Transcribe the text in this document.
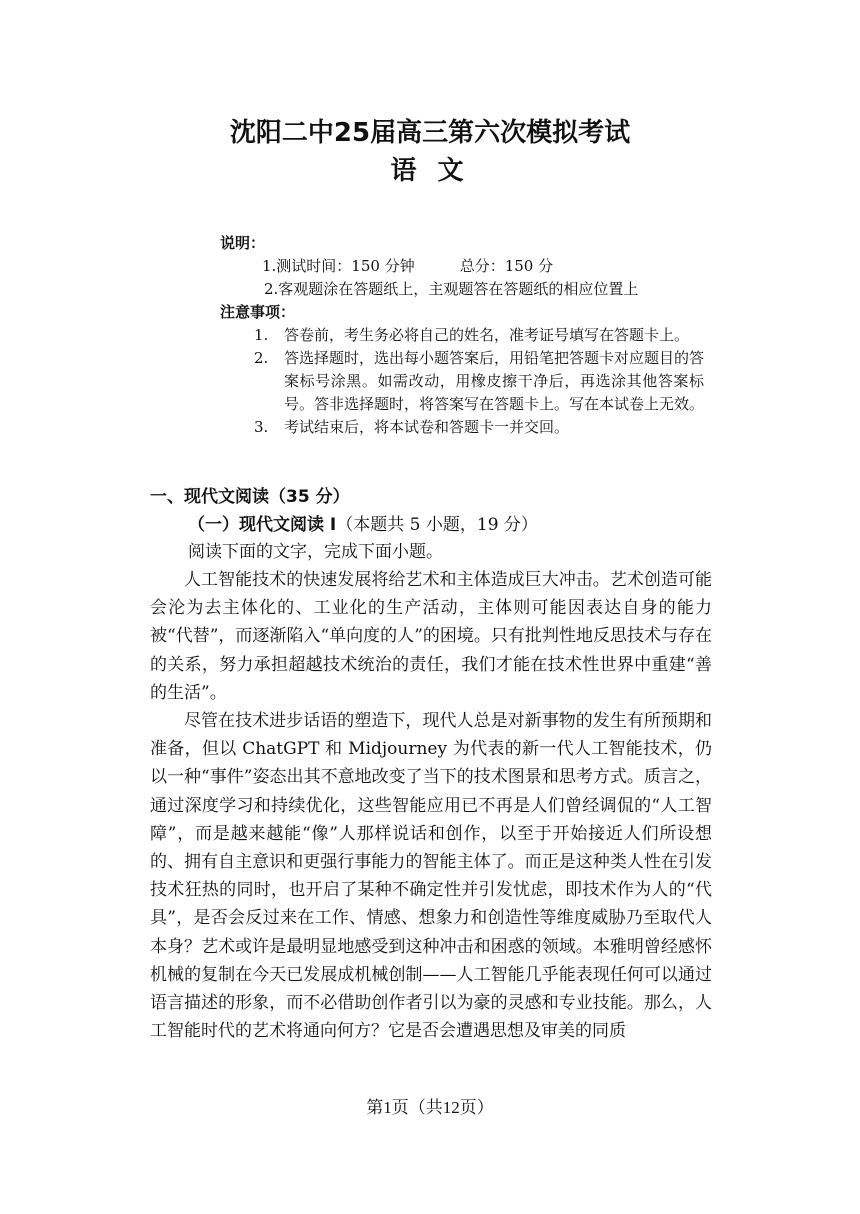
沈阳二中25届高三第六次模拟考试
语 文
说明：
1.测试时间：150 分钟　　　总分：150 分
2.客观题涂在答题纸上，主观题答在答题纸的相应位置上
注意事项：
1.	答卷前，考生务必将自己的姓名，准考证号填写在答题卡上。
2.	答选择题时，选出每小题答案后，用铅笔把答题卡对应题目的答案标号涂黑。如需改动，用橡皮擦干净后，再选涂其他答案标号。答非选择题时，将答案写在答题卡上。写在本试卷上无效。
3.	考试结束后，将本试卷和答题卡一并交回。
一、现代文阅读（35 分）
（一）现代文阅读 I（本题共 5 小题，19 分）
阅读下面的文字，完成下面小题。

人工智能技术的快速发展将给艺术和主体造成巨大冲击。艺术创造可能会沦为去主体化的、工业化的生产活动，主体则可能因表达自身的能力被“代替”，而逐渐陷入“单向度的人”的困境。只有批判性地反思技术与存在的关系，努力承担超越技术统治的责任，我们才能在技术性世界中重建“善的生活”。

尽管在技术进步话语的塑造下，现代人总是对新事物的发生有所预期和准备，但以 ChatGPT 和 Midjourney 为代表的新一代人工智能技术，仍以一种“事件”姿态出其不意地改变了当下的技术图景和思考方式。质言之，通过深度学习和持续优化，这些智能应用已不再是人们曾经调侃的“人工智障”，而是越来越能“像”人那样说话和创作，以至于开始接近人们所设想的、拥有自主意识和更强行事能力的智能主体了。而正是这种类人性在引发技术狂热的同时，也开启了某种不确定性并引发忧虑，即技术作为人的“代具”，是否会反过来在工作、情感、想象力和创造性等维度威胁乃至取代人本身？艺术或许是最明显地感受到这种冲击和困惑的领域。本雅明曾经感怀机械的复制在今天已发展成机械创制——人工智能几乎能表现任何可以通过语言描述的形象，而不必借助创作者引以为豪的灵感和专业技能。那么，人工智能时代的艺术将通向何方？它是否会遭遇思想及审美的同质

第1页（共12页）
